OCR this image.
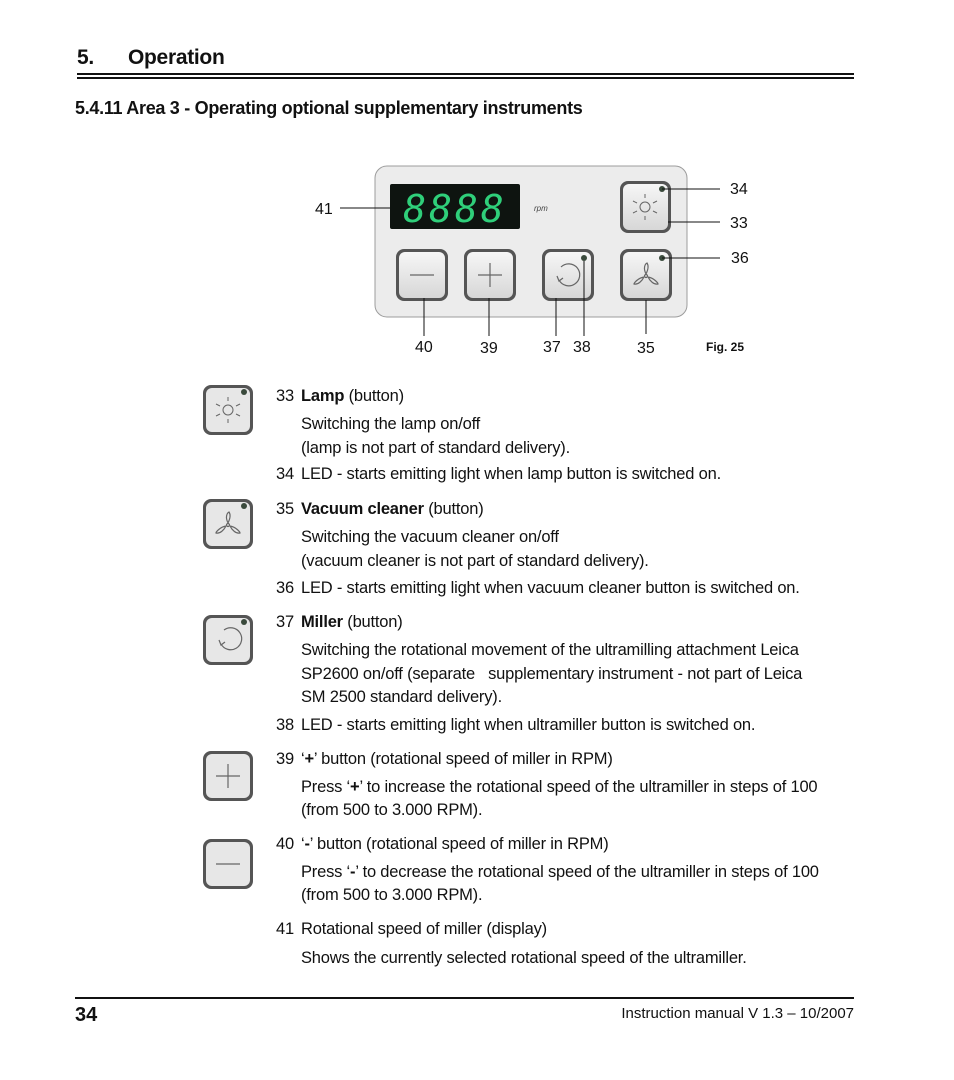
5. Operation
5.4.11 Area 3 - Operating optional supplementary instruments
8888	rpm
41
34
33
36
40	39	37 38	35	Fig. 25
33 Lamp (button)
Switching the lamp on/off
(lamp is not part of standard delivery).
34 LED - starts emitting light when lamp button is switched on.
35 Vacuum cleaner (button)
Switching the vacuum cleaner on/off
(vacuum cleaner is not part of standard delivery).
36 LED - starts emitting light when vacuum cleaner button is switched on.
37 Miller (button)
Switching the rotational movement of the ultramilling attachment Leica
SP2600 on/off (separate   supplementary instrument - not part of Leica
SM 2500 standard delivery).
38 LED - starts emitting light when ultramiller button is switched on.
39 ‘+’ button (rotational speed of miller in RPM)
Press ‘+’ to increase the rotational speed of the ultramiller in steps of 100
(from 500 to 3.000 RPM).
40 ‘-’ button (rotational speed of miller in RPM)
Press ‘-’ to decrease the rotational speed of the ultramiller in steps of 100
(from 500 to 3.000 RPM).
41 Rotational speed of miller (display)
Shows the currently selected rotational speed of the ultramiller.
34	Instruction manual V 1.3 – 10/2007
